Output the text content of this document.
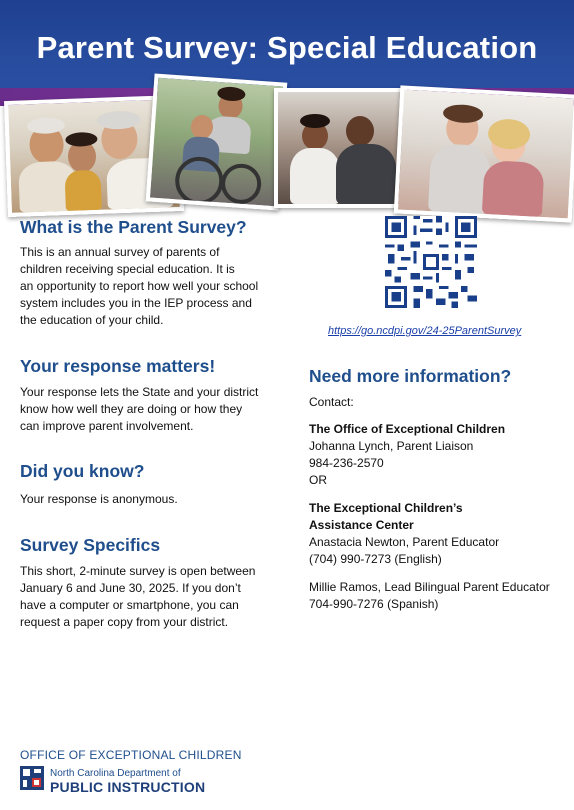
Parent Survey: Special Education
What is the Parent Survey?
This is an annual survey of parents of
children receiving special education. It is
an opportunity to report how well your school
system includes you in the IEP process and
the education of your child.
Your response matters!
Your response lets the State and your district
know how well they are doing or how they
can improve parent involvement.
Did you know?
Your response is anonymous.
Survey Specifics
This short, 2-minute survey is open between
January 6 and June 30, 2025. If you don’t
have a computer or smartphone, you can
request a paper copy from your district.
https://go.ncdpi.gov/24-25ParentSurvey
Need more information?
Contact:
The Office of Exceptional Children
Johanna Lynch, Parent Liaison
984-236-2570
OR
The Exceptional Children’s
Assistance Center
Anastacia Newton, Parent Educator
(704) 990-7273 (English)
Millie Ramos, Lead Bilingual Parent Educator
704-990-7276 (Spanish)
OFFICE OF EXCEPTIONAL CHILDREN
North Carolina Department of
PUBLIC INSTRUCTION
